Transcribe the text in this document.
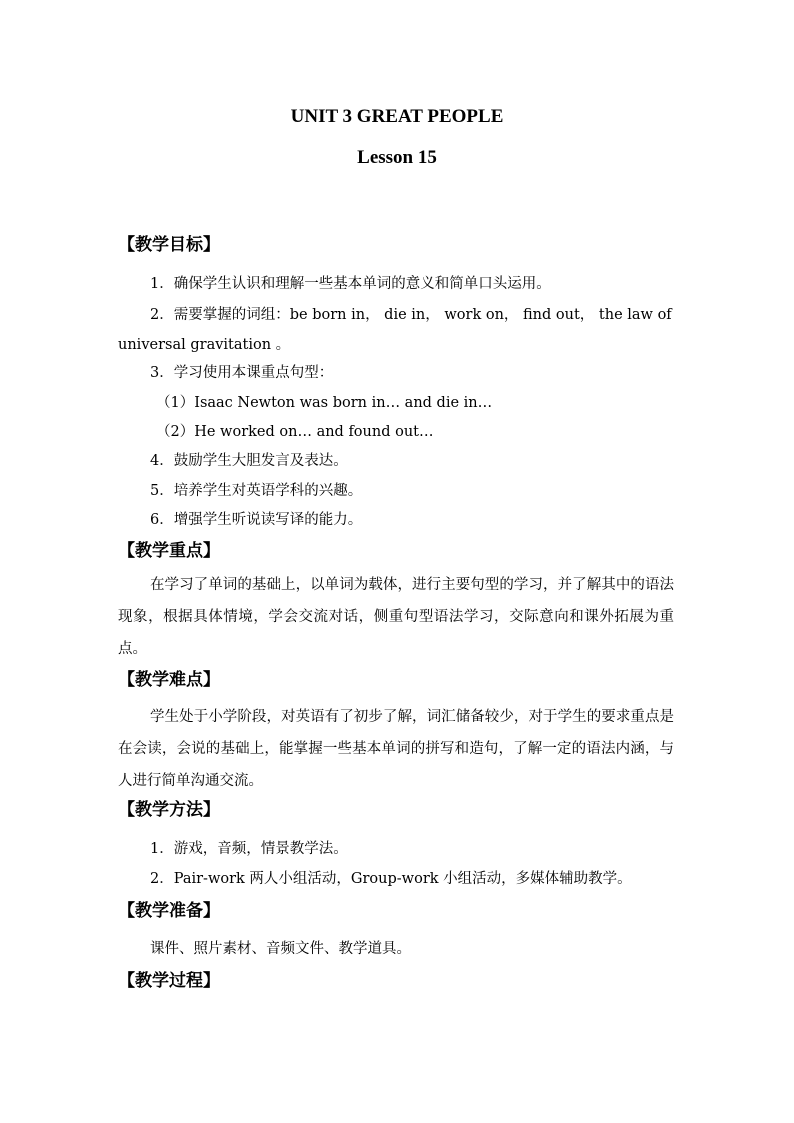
UNIT 3 GREAT PEOPLE
Lesson 15
【教学目标】
1．确保学生认识和理解一些基本单词的意义和简单口头运用。
2．需要掌握的词组：be born in， die in， work on， find out， the law of
universal gravitation 。
3．学习使用本课重点句型：
（1）Isaac Newton was born in… and die in…
（2）He worked on… and found out…
4．鼓励学生大胆发言及表达。
5．培养学生对英语学科的兴趣。
6．增强学生听说读写译的能力。
【教学重点】
在学习了单词的基础上，以单词为载体，进行主要句型的学习，并了解其中的语法现象，根据具体情境，学会交流对话，侧重句型语法学习，交际意向和课外拓展为重点。
【教学难点】
学生处于小学阶段，对英语有了初步了解，词汇储备较少，对于学生的要求重点是在会读，会说的基础上，能掌握一些基本单词的拼写和造句，了解一定的语法内涵，与人进行简单沟通交流。
【教学方法】
1．游戏，音频，情景教学法。
2．Pair-work 两人小组活动，Group-work 小组活动，多媒体辅助教学。
【教学准备】
课件、照片素材、音频文件、教学道具。
【教学过程】
